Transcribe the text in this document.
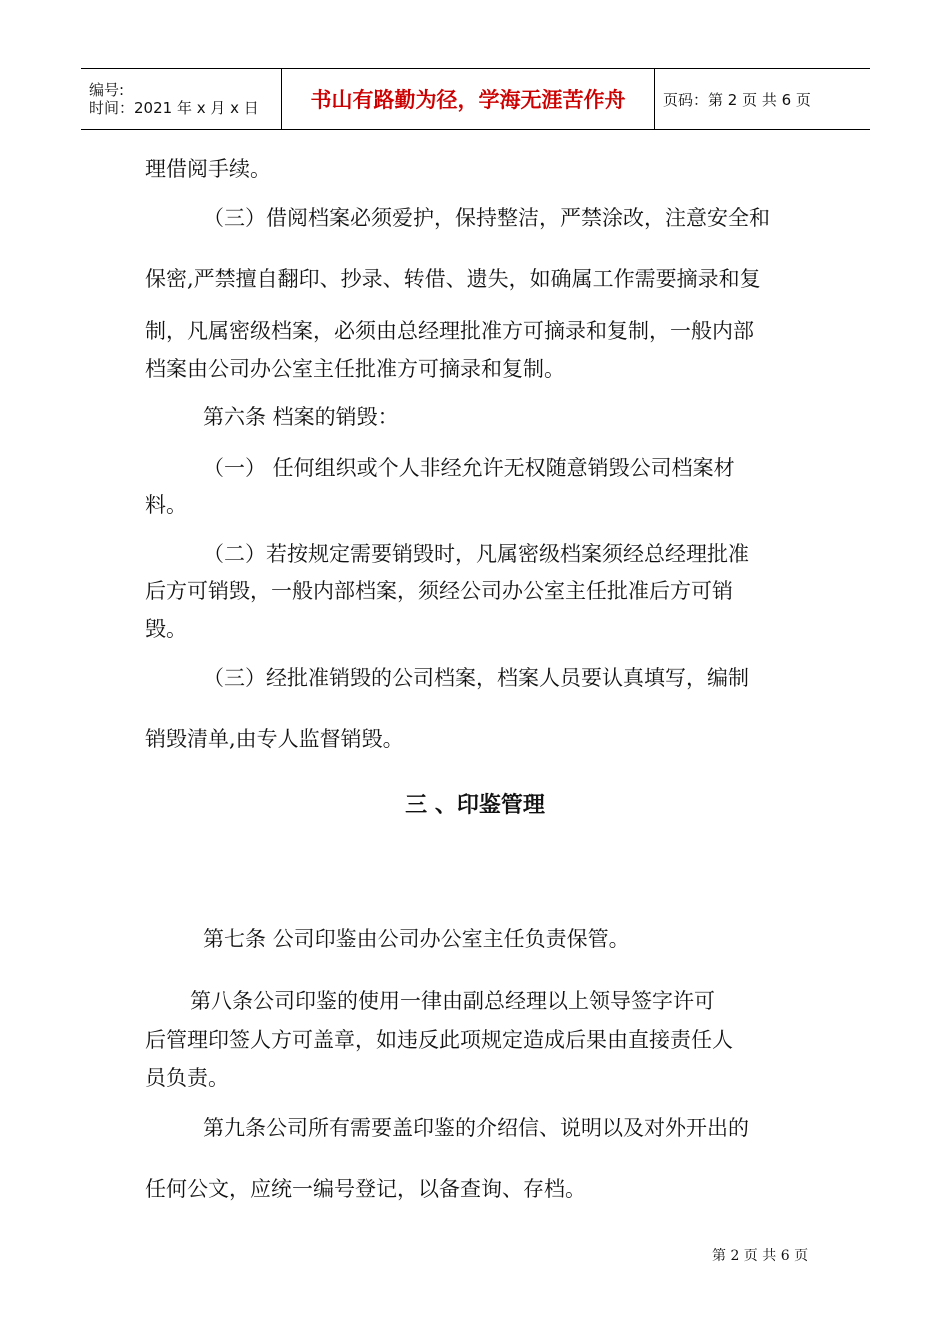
编号:
时间：2021 年 x 月 x 日	书山有路勤为径，学海无涯苦作舟	页码：第 2 页 共 6 页

理借阅手续。

（三）借阅档案必须爱护，保持整洁，严禁涂改，注意安全和

保密,严禁擅自翻印、抄录、转借、遗失，如确属工作需要摘录和复

制，凡属密级档案，必须由总经理批准方可摘录和复制，一般内部

档案由公司办公室主任批准方可摘录和复制。

第六条 档案的销毁：

（一） 任何组织或个人非经允许无权随意销毁公司档案材

料。

（二）若按规定需要销毁时，凡属密级档案须经总经理批准

后方可销毁，一般内部档案，须经公司办公室主任批准后方可销

毁。

（三）经批准销毁的公司档案，档案人员要认真填写，编制

销毁清单,由专人监督销毁。

三 、印鉴管理

第七条 公司印鉴由公司办公室主任负责保管。

第八条公司印鉴的使用一律由副总经理以上领导签字许可

后管理印签人方可盖章，如违反此项规定造成后果由直接责任人

员负责。

第九条公司所有需要盖印鉴的介绍信、说明以及对外开出的

任何公文，应统一编号登记，以备查询、存档。

第 2 页 共 6 页
